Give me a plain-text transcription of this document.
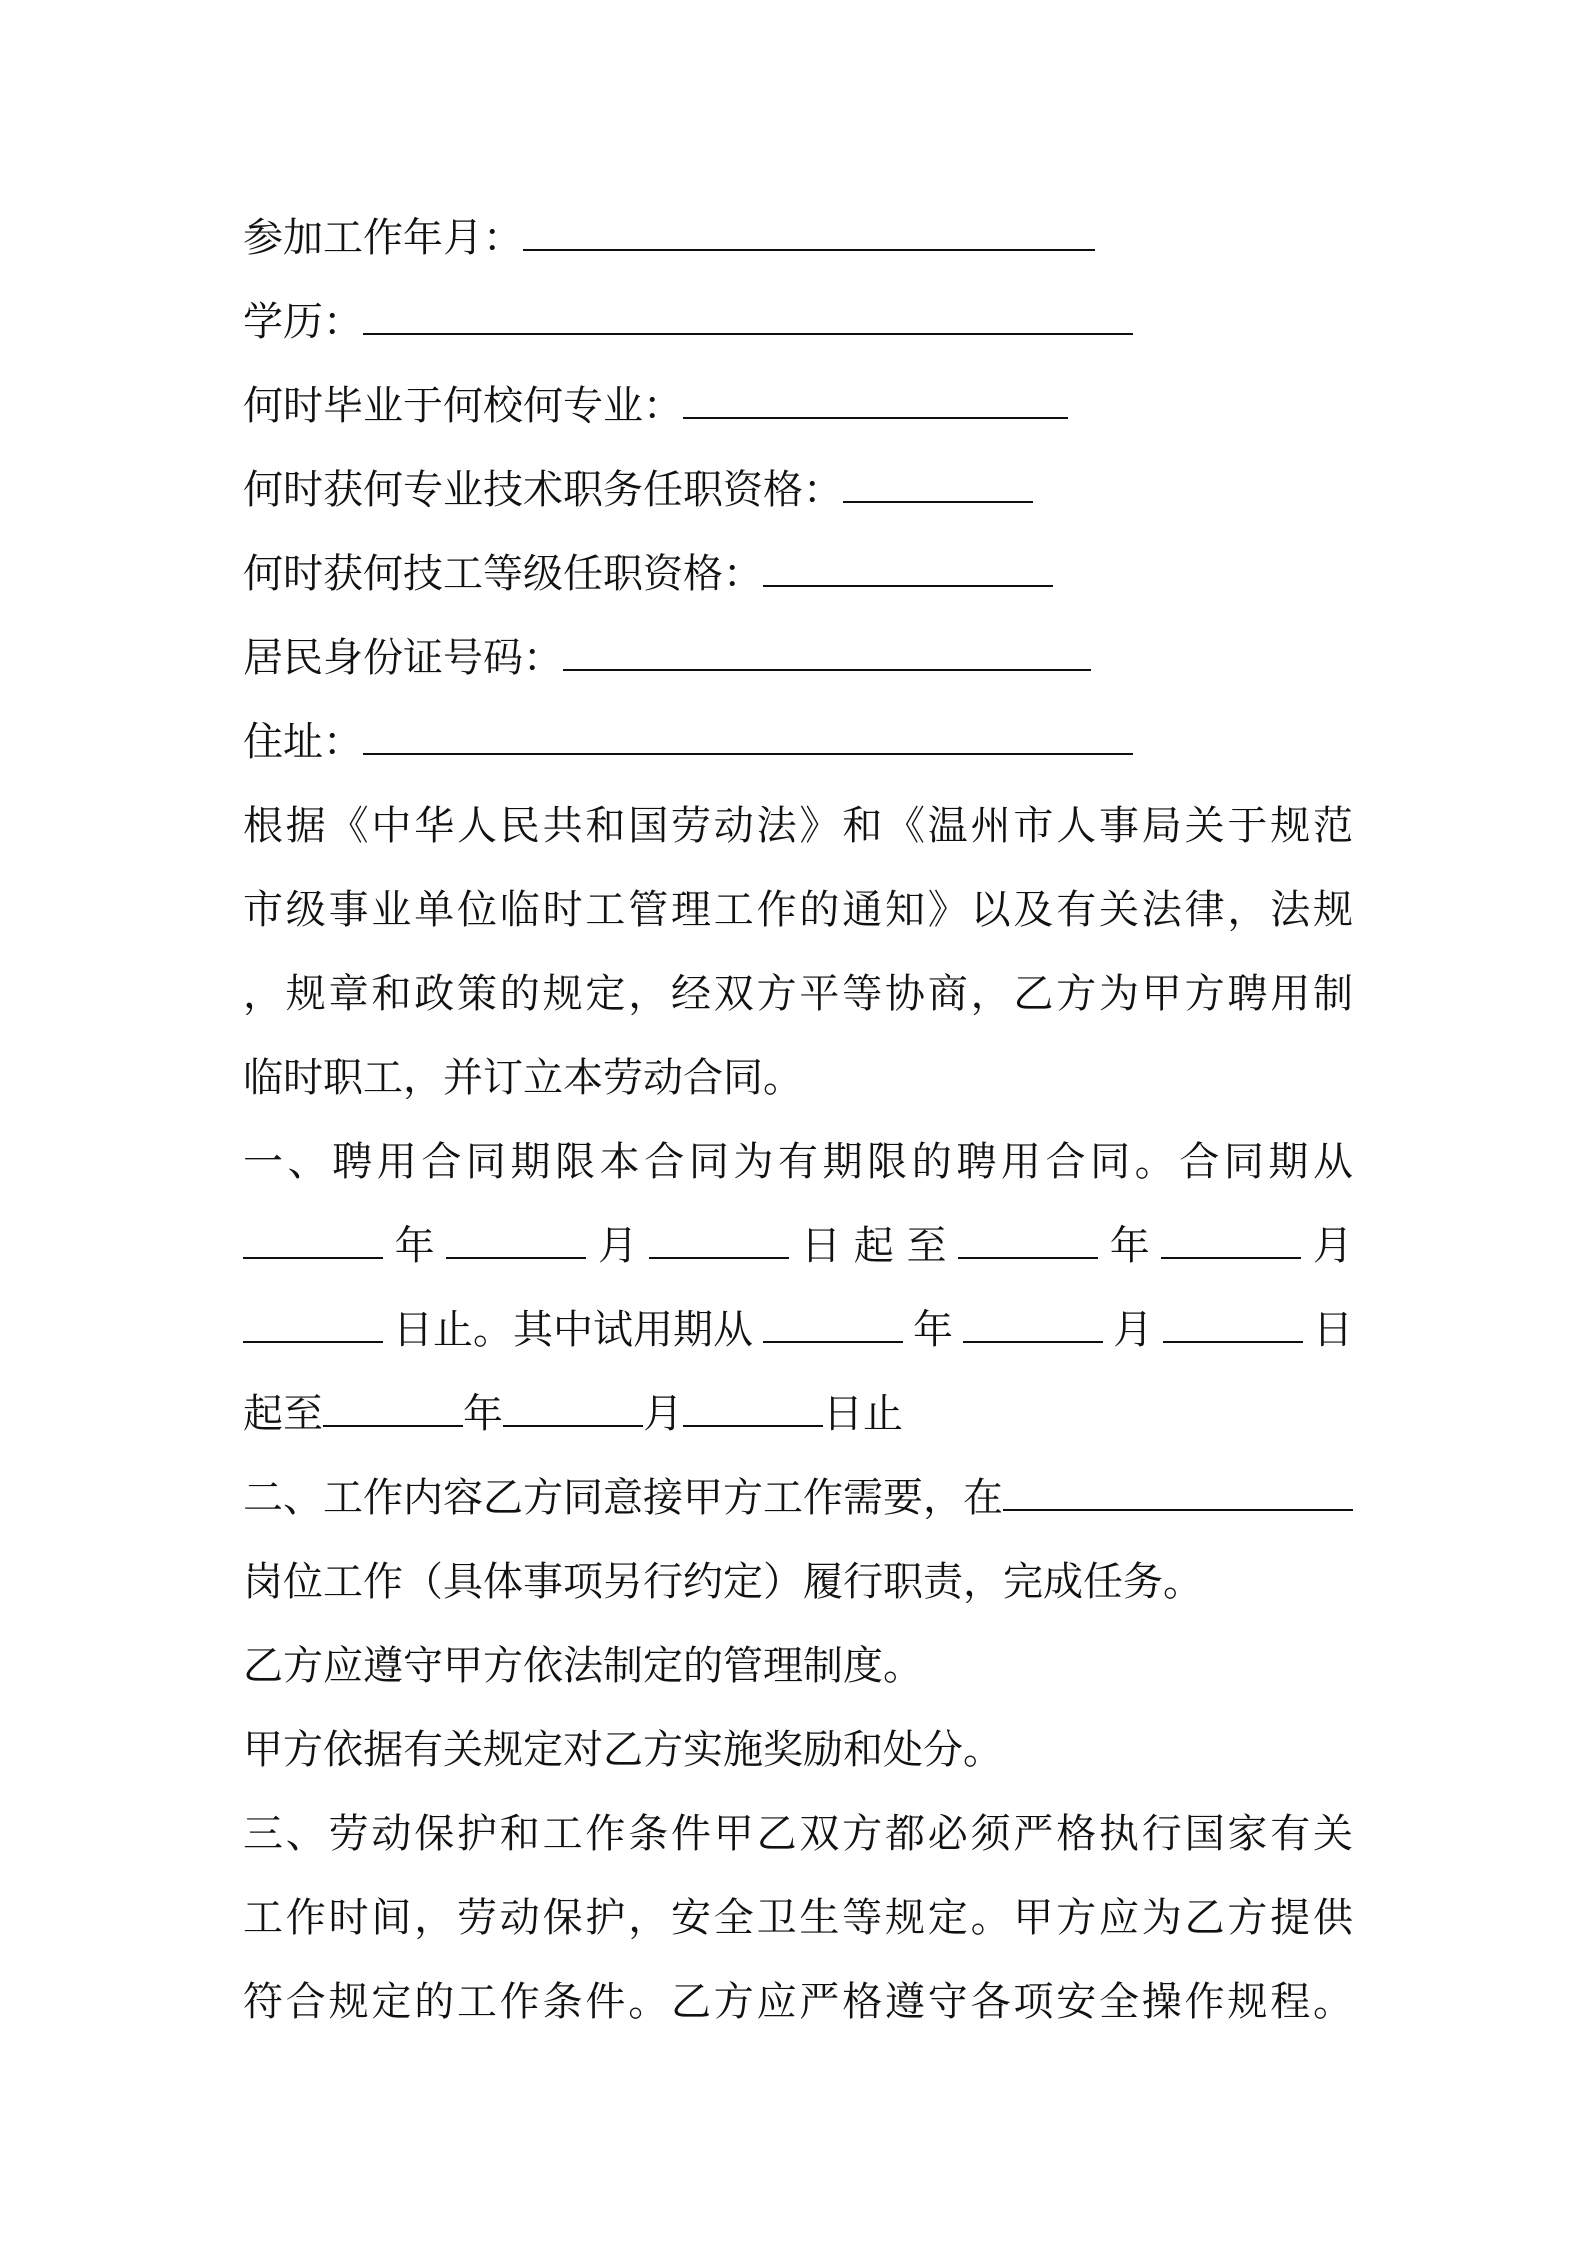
参加工作年月：
学历：
何时毕业于何校何专业：
何时获何专业技术职务任职资格：
何时获何技工等级任职资格：
居民身份证号码：
住址：
根据《中华人民共和国劳动法》和《温州市人事局关于规范
市级事业单位临时工管理工作的通知》以及有关法律，法规
，规章和政策的规定，经双方平等协商，乙方为甲方聘用制
临时职工，并订立本劳动合同。
一、聘用合同期限本合同为有期限的聘用合同。合同期从
年	月	日 起 至	年	月
日止。其中试用期从	年	月	日
起至	年	月	日止
二、工作内容乙方同意接甲方工作需要，在
岗位工作（具体事项另行约定）履行职责，完成任务。
乙方应遵守甲方依法制定的管理制度。
甲方依据有关规定对乙方实施奖励和处分。
三、劳动保护和工作条件甲乙双方都必须严格执行国家有关
工作时间，劳动保护，安全卫生等规定。甲方应为乙方提供
符合规定的工作条件。乙方应严格遵守各项安全操作规程。
